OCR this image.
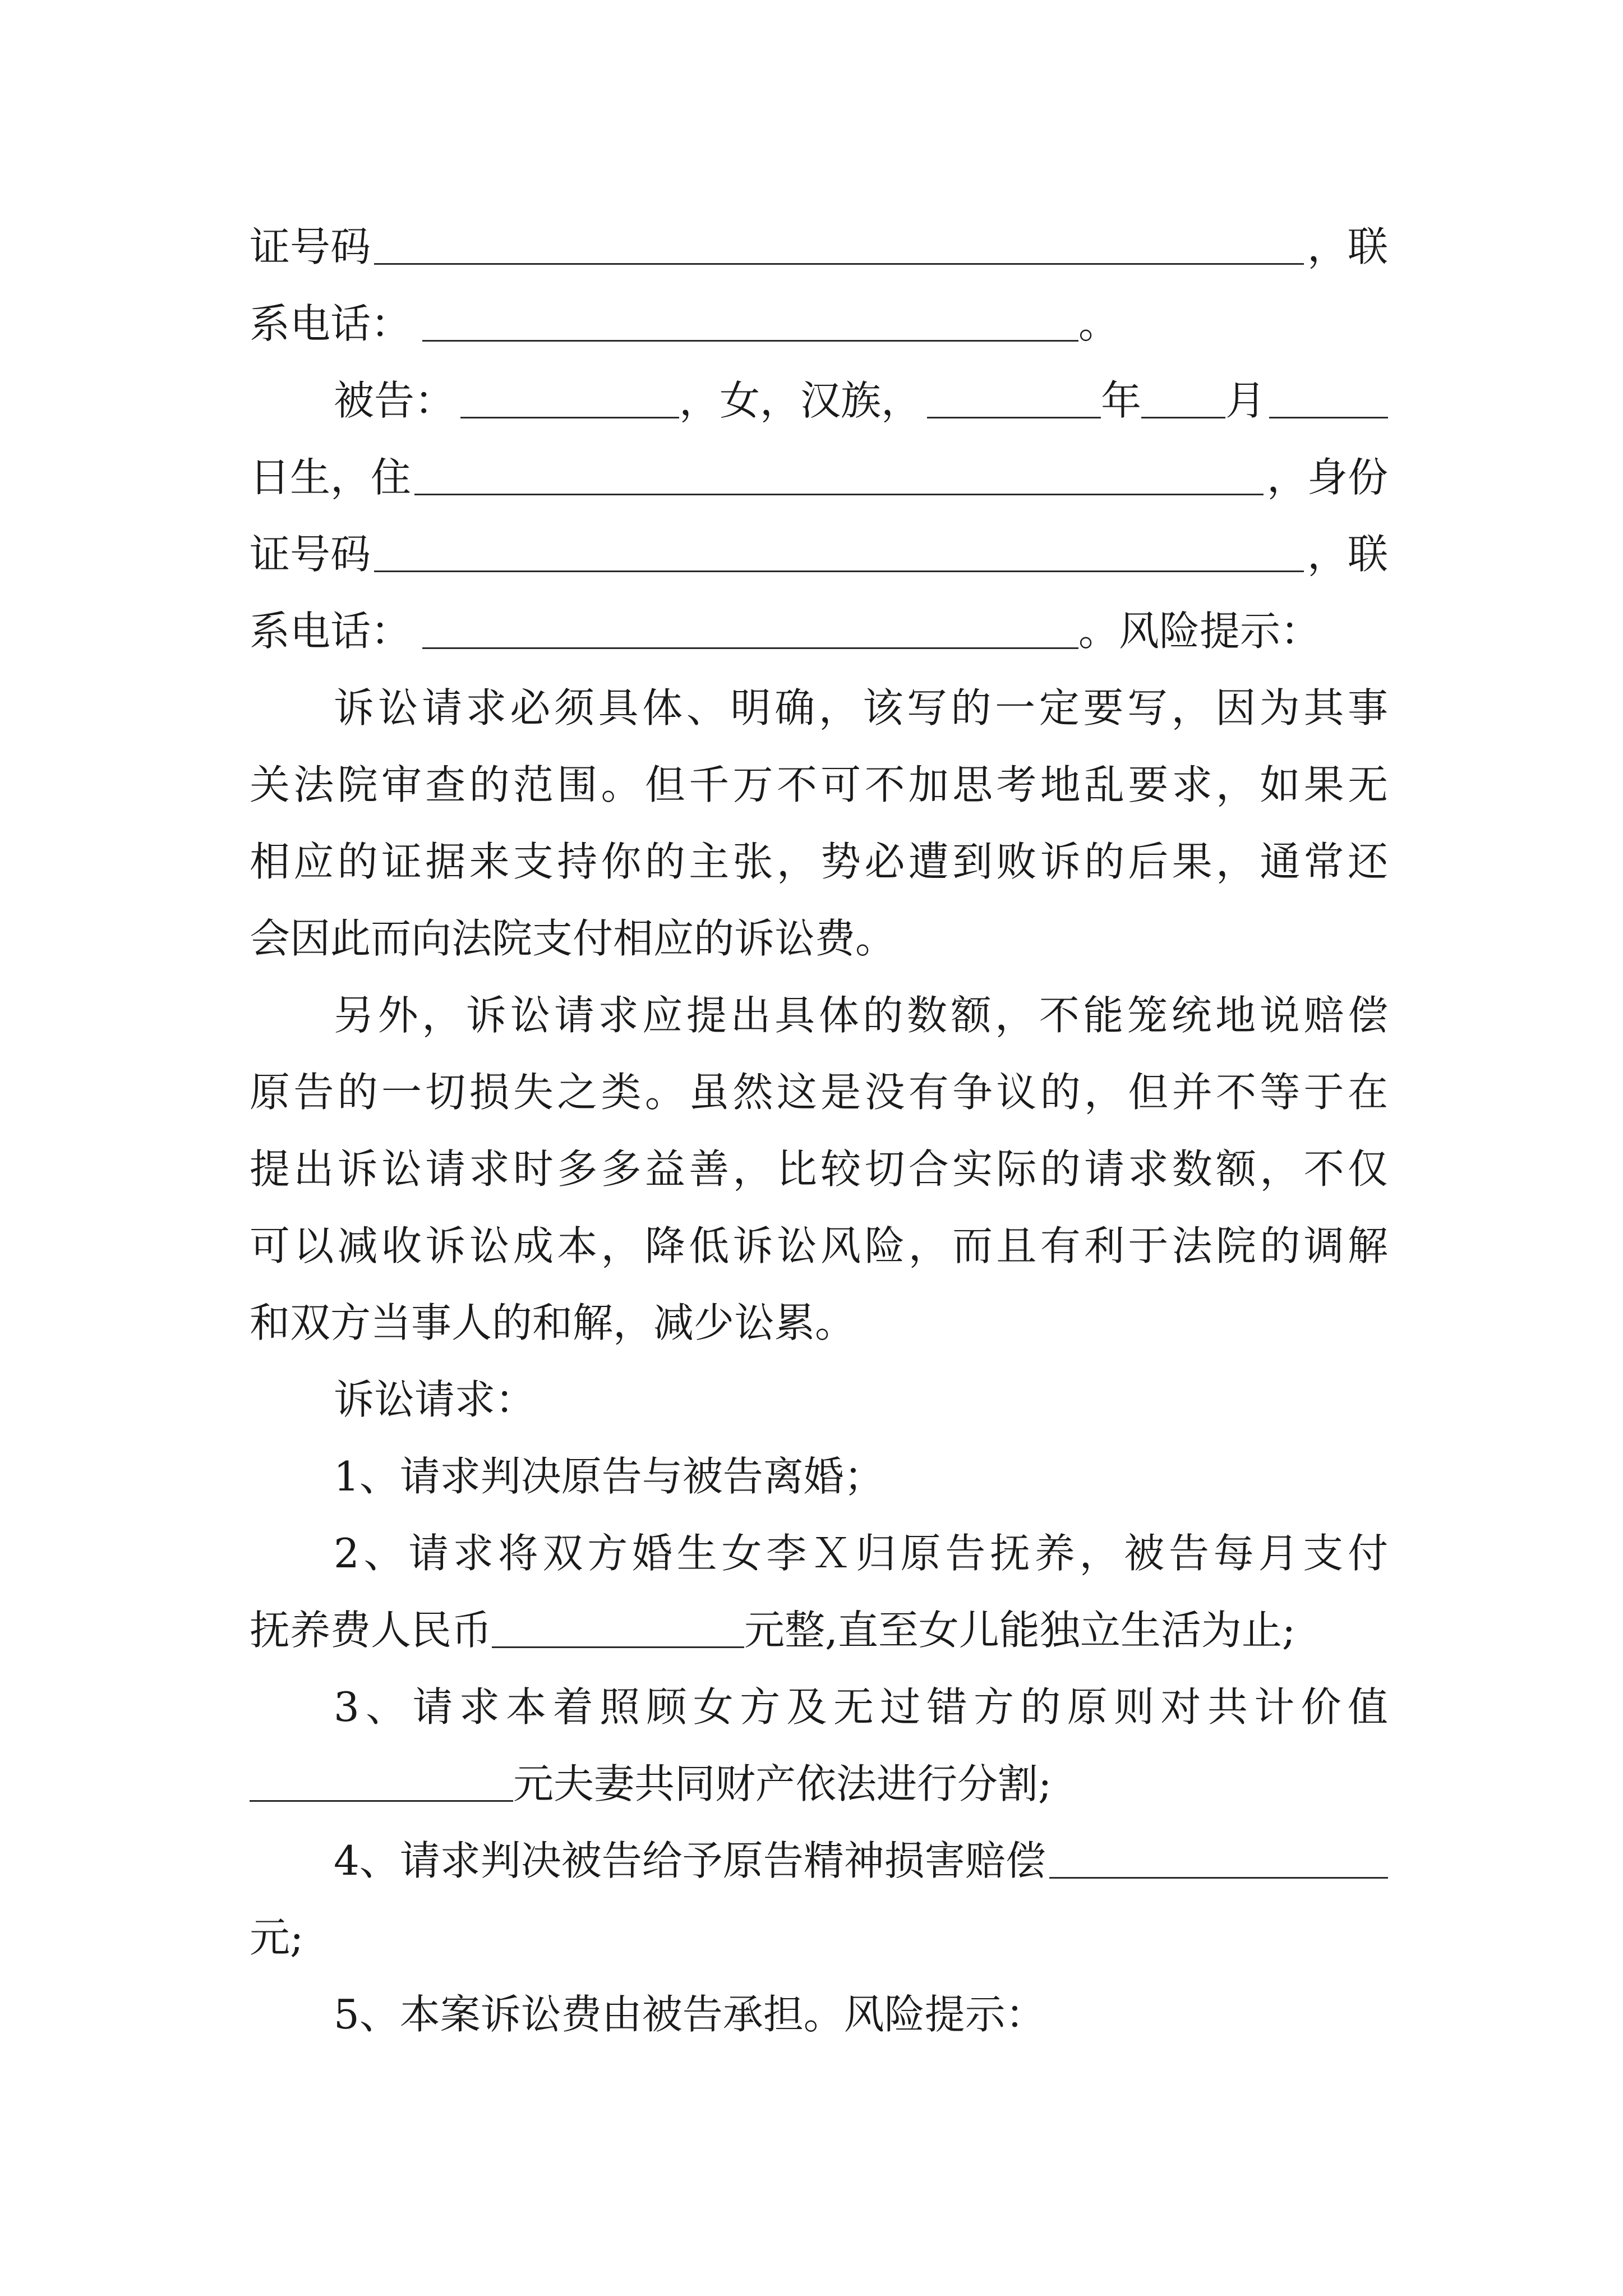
证号码	，联
系电话：	。
被告：	，女，汉族，	年 月
日生，住	，身份
证号码	，联
系电话：	。风险提示：
诉讼请求必须具体、明确，该写的一定要写，因为其事
关法院审查的范围。但千万不可不加思考地乱要求，如果无
相应的证据来支持你的主张，势必遭到败诉的后果，通常还
会因此而向法院支付相应的诉讼费。
另外，诉讼请求应提出具体的数额，不能笼统地说赔偿
原告的一切损失之类。虽然这是没有争议的，但并不等于在
提出诉讼请求时多多益善，比较切合实际的请求数额，不仅
可以减收诉讼成本，降低诉讼风险，而且有利于法院的调解
和双方当事人的和解，减少讼累。
诉讼请求：
1、请求判决原告与被告离婚；
2、请求将双方婚生女李Ｘ归原告抚养，被告每月支付
抚养费人民币	元整,直至女儿能独立生活为止;
3、请求本着照顾女方及无过错方的原则对共计价值
元夫妻共同财产依法进行分割;
4、请求判决被告给予原告精神损害赔偿
元;
5、本案诉讼费由被告承担。风险提示：
